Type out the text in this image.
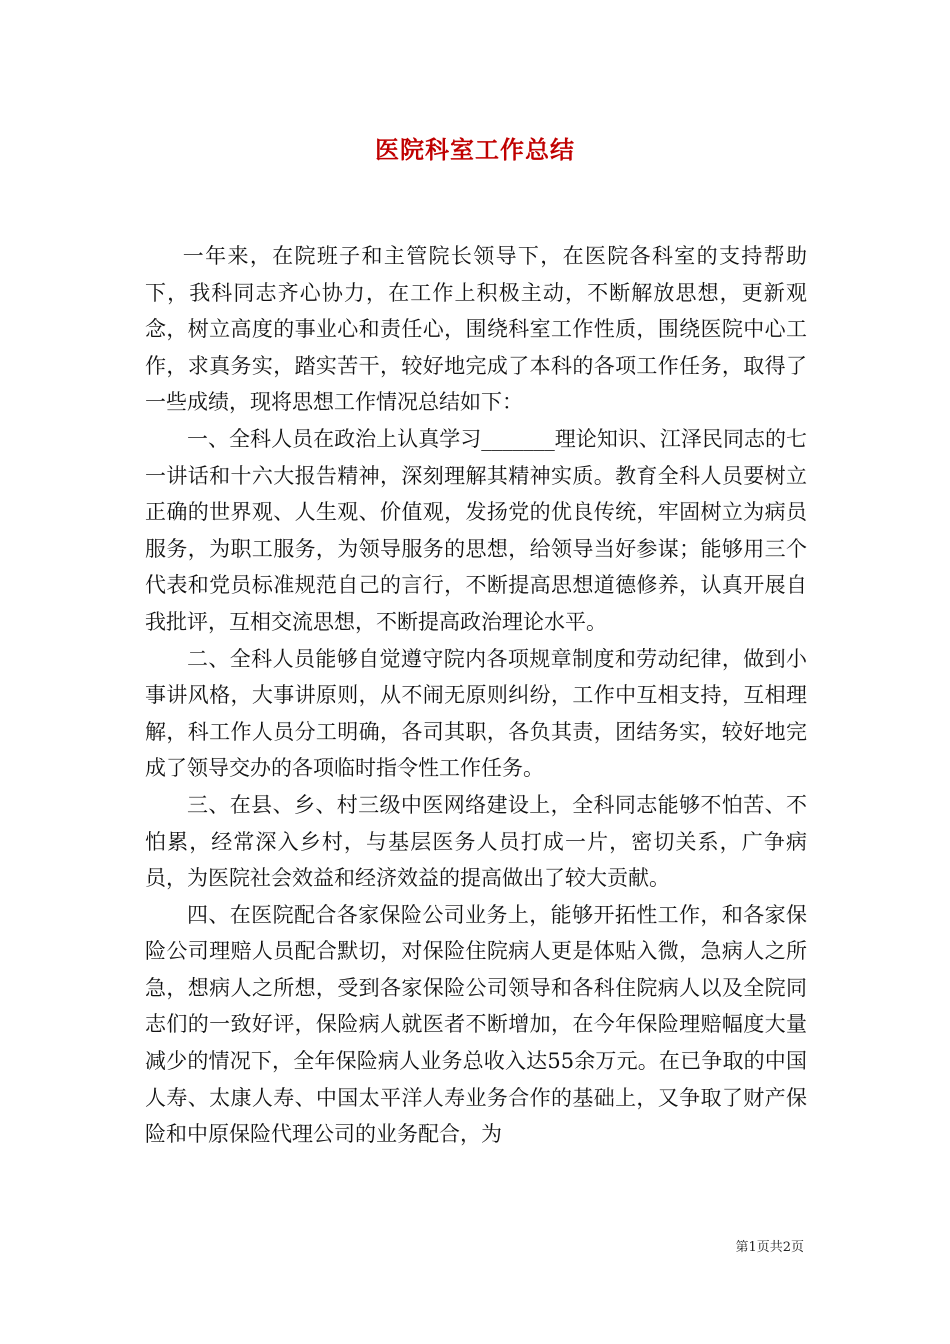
医院科室工作总结

一年来，在院班子和主管院长领导下，在医院各科室的支持帮助下，我科同志齐心协力，在工作上积极主动，不断解放思想，更新观念，树立高度的事业心和责任心，围绕科室工作性质，围绕医院中心工作，求真务实，踏实苦干，较好地完成了本科的各项工作任务，取得了一些成绩，现将思想工作情况总结如下：

一、全科人员在政治上认真学习_______理论知识、江泽民同志的七一讲话和十六大报告精神，深刻理解其精神实质。教育全科人员要树立正确的世界观、人生观、价值观，发扬党的优良传统，牢固树立为病员服务，为职工服务，为领导服务的思想，给领导当好参谋；能够用三个代表和党员标准规范自己的言行，不断提高思想道德修养，认真开展自我批评，互相交流思想，不断提高政治理论水平。

二、全科人员能够自觉遵守院内各项规章制度和劳动纪律，做到小事讲风格，大事讲原则，从不闹无原则纠纷，工作中互相支持，互相理解，科工作人员分工明确，各司其职，各负其责，团结务实，较好地完成了领导交办的各项临时指令性工作任务。

三、在县、乡、村三级中医网络建设上，全科同志能够不怕苦、不怕累，经常深入乡村，与基层医务人员打成一片，密切关系，广争病员，为医院社会效益和经济效益的提高做出了较大贡献。

四、在医院配合各家保险公司业务上，能够开拓性工作，和各家保险公司理赔人员配合默切，对保险住院病人更是体贴入微，急病人之所急，想病人之所想，受到各家保险公司领导和各科住院病人以及全院同志们的一致好评，保险病人就医者不断增加，在今年保险理赔幅度大量减少的情况下，全年保险病人业务总收入达55余万元。在已争取的中国人寿、太康人寿、中国太平洋人寿业务合作的基础上，又争取了财产保险和中原保险代理公司的业务配合，为

第1页共2页
